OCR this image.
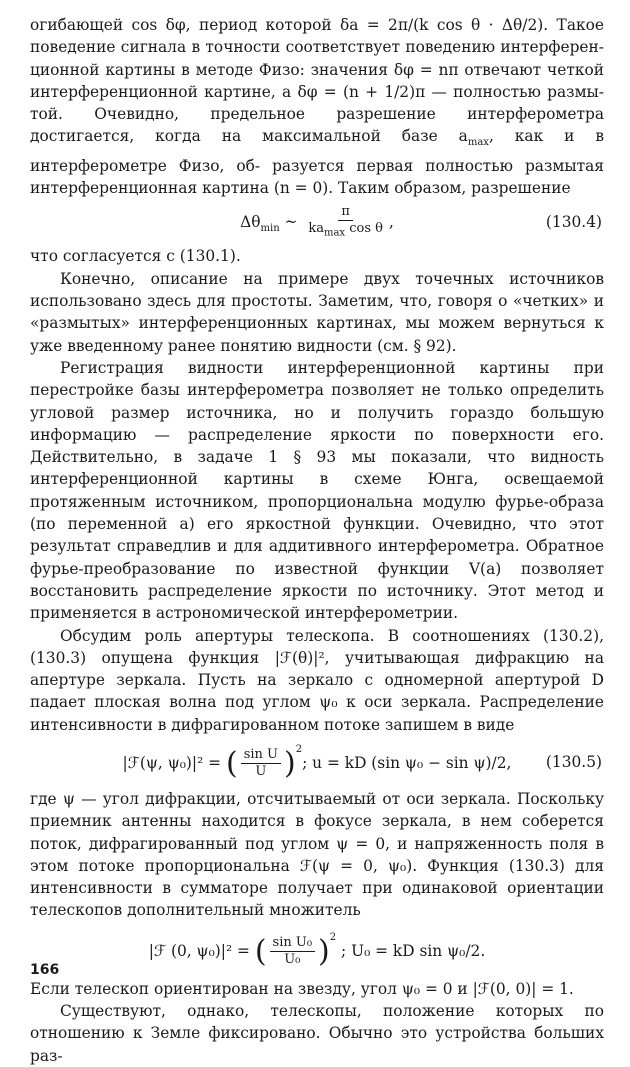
огибающей cos δφ, период которой δa = 2π/(k cos θ · Δθ/2). Такое поведение сигнала в точности соответствует поведению интерферен- ционной картины в методе Физо: значения δφ = nπ отвечают четкой интерференционной картине, а δφ = (n + 1/2)π — полностью размы- той. Очевидно, предельное разрешение интерферометра достигается, когда на максимальной базе $a_{max}$, как и в интерферометре Физо, об- разуется первая полностью размытая интерференционная картина (n = 0). Таким образом, разрешение

$\Delta\theta_{min}$ ~ $\frac{\pi}{ka_{max} \cos \theta}$ ,	(130.4)

что согласуется с (130.1).

Конечно, описание на примере двух точечных источников использовано здесь для простоты. Заметим, что, говоря о «четких» и «размытых» интерференционных картинах, мы можем вернуться к уже введенному ранее понятию видности (см. § 92).

Регистрация видности интерференционной картины при перестройке базы интерферометра позволяет не только определить угловой размер источника, но и получить гораздо большую информацию — распределение яркости по поверхности его. Действительно, в задаче 1 § 93 мы показали, что видность интерференционной картины в схеме Юнга, освещаемой протяженным источником, пропорциональна модулю фурье-образа (по переменной a) его яркостной функции. Очевидно, что этот результат справедлив и для аддитивного интерферометра. Обратное фурье-преобразование по известной функции V(a) позволяет восстановить распределение яркости по источнику. Этот метод и применяется в астрономической интерферометрии.

Обсудим роль апертуры телескопа. В соотношениях (130.2), (130.3) опущена функция |ℱ(θ)|², учитывающая дифракцию на апертуре зеркала. Пусть на зеркало с одномерной апертурой D падает плоская волна под углом ψ₀ к оси зеркала. Распределение интенсивности в дифрагированном потоке запишем в виде

|ℱ(ψ, ψ₀)|² = ( $\frac{\text{sin U}}{U} )^2$; u = kD (sin ψ₀ − sin ψ)/2, (130.5)

где ψ — угол дифракции, отсчитываемый от оси зеркала. Поскольку приемник антенны находится в фокусе зеркала, в нем соберется поток, дифрагированный под углом ψ = 0, и напряженность поля в этом потоке пропорциональна ℱ(ψ = 0, ψ₀). Функция (130.3) для интенсивности в сумматоре получает при одинаковой ориентации телескопов дополнительный множитель

|ℱ (0, ψ₀)|² = ( $\frac{\text{sin U₀}}{\text{U₀}} )^2$ ; U₀ = kD sin ψ₀/2.

Если телескоп ориентирован на звезду, угол ψ₀ = 0 и |ℱ(0, 0)| = 1.

Существуют, однако, телескопы, положение которых по отношению к Земле фиксировано. Обычно это устройства больших раз-

166
